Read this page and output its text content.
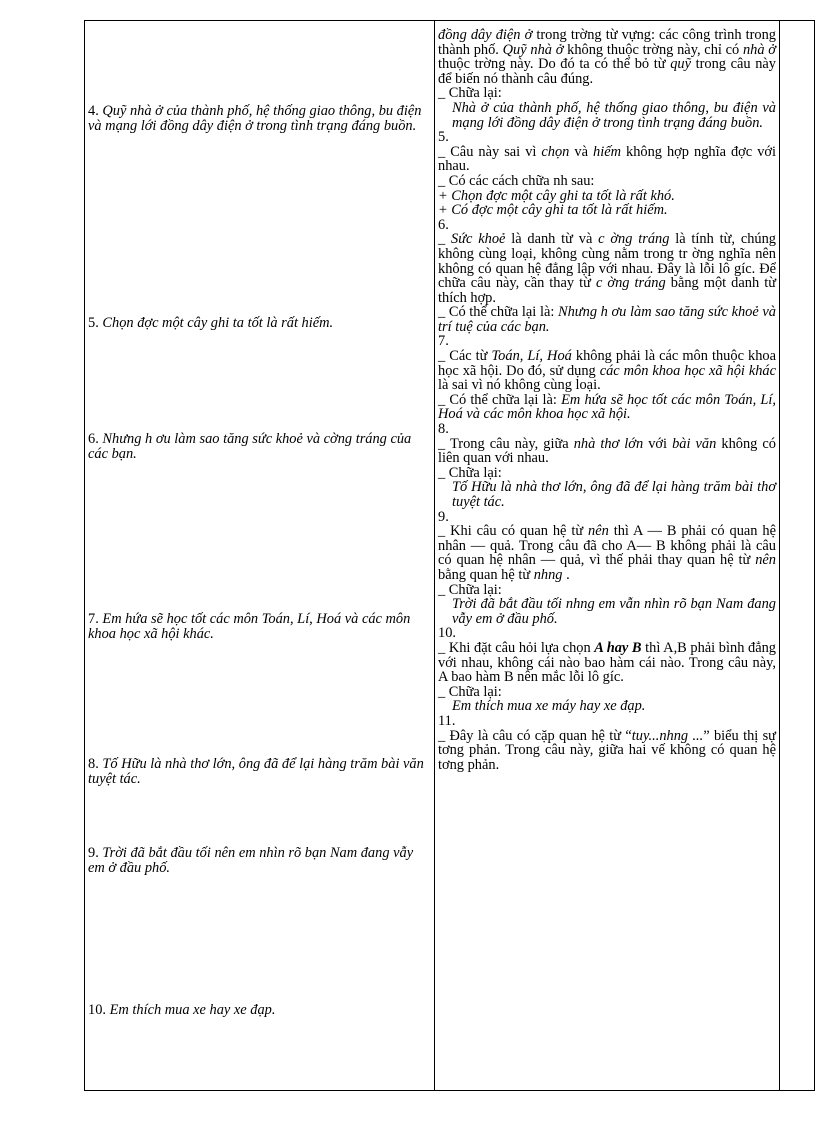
4. Quỹ nhà ở của thành phố, hệ thống giao thông, bu điện và mạng lới đồng dây điện ở trong tình trạng đáng buồn.
5. Chọn đợc một cây ghi ta tốt là rất hiếm.
6. Nhưng h ơu làm sao tăng sức khoẻ và cờng tráng của các bạn.
7. Em hứa sẽ học tốt các môn Toán, Lí, Hoá và các môn khoa học xã hội khác.
8. Tố Hữu là nhà thơ lớn, ông đã để lại hàng trăm bài văn tuyệt tác.
9. Trời đã bắt đầu tối nên em nhìn rõ bạn Nam đang vẫy em ở đầu phố.
10. Em thích mua xe hay xe đạp.
đồng dây điện ở trong trờng từ vựng: các công trình trong thành phố. Quỹ nhà ở không thuộc trờng này, chỉ có nhà ở thuộc trờng này. Do đó ta có thể bỏ từ quỹ trong câu này để biến nó thành câu đúng.
_ Chữa lại:
Nhà ở của thành phố, hệ thống giao thông, bu điện và mạng lới đồng dây điện ở trong tình trạng đáng buồn.
5.
_ Câu này sai vì chọn và hiếm không hợp nghĩa đợc với nhau.
_ Có các cách chữa nh sau:
+ Chọn đợc một cây ghi ta tốt là rất khó.
+ Có đợc một cây ghi ta tốt là rất hiếm.
6.
_ Sức khoẻ là danh từ và c ờng tráng là tính từ, chúng không cùng loại, không cùng nằm trong tr ờng nghĩa nên không có quan hệ đẳng lập với nhau. Đây là lỗi lô gíc. Để chữa câu này, cần thay từ c ờng tráng bằng một danh từ thích hợp.
_ Có thể chữa lại là: Nhưng h ơu làm sao tăng sức khoẻ và trí tuệ của các bạn.
7.
_ Các từ Toán, Lí, Hoá không phải là các môn thuộc khoa học xã hội. Do đó, sử dụng các môn khoa học xã hội khác là sai vì nó không cùng loại.
_ Có thể chữa lại là: Em hứa sẽ học tốt các môn Toán, Lí, Hoá và các môn khoa học xã hội.
8.
_ Trong câu này, giữa nhà thơ lớn với bài văn không có liên quan với nhau.
_ Chữa lại:
Tố Hữu là nhà thơ lớn, ông đã để lại hàng trăm bài thơ tuyệt tác.
9.
_ Khi câu có quan hệ từ nên thì A — B phải có quan hệ nhân — quả. Trong câu đã cho A— B không phải là câu có quan hệ nhân — quả, vì thế phải thay quan hệ từ nên bằng quan hệ từ nhng .
_ Chữa lại:
Trời đã bắt đầu tối nhng em vẫn nhìn rõ bạn Nam đang vẫy em ở đầu phố.
10.
_ Khi đặt câu hỏi lựa chọn A hay B thì A,B phải bình đẳng với nhau, không cái nào bao hàm cái nào. Trong câu này, A bao hàm B nên mắc lỗi lô gíc.
_ Chữa lại:
Em thích mua xe máy hay xe đạp.
11.
_ Đây là câu có cặp quan hệ từ “tuy...nhng ...” biểu thị sự tơng phản. Trong câu này, giữa hai vế không có quan hệ tơng phản.
